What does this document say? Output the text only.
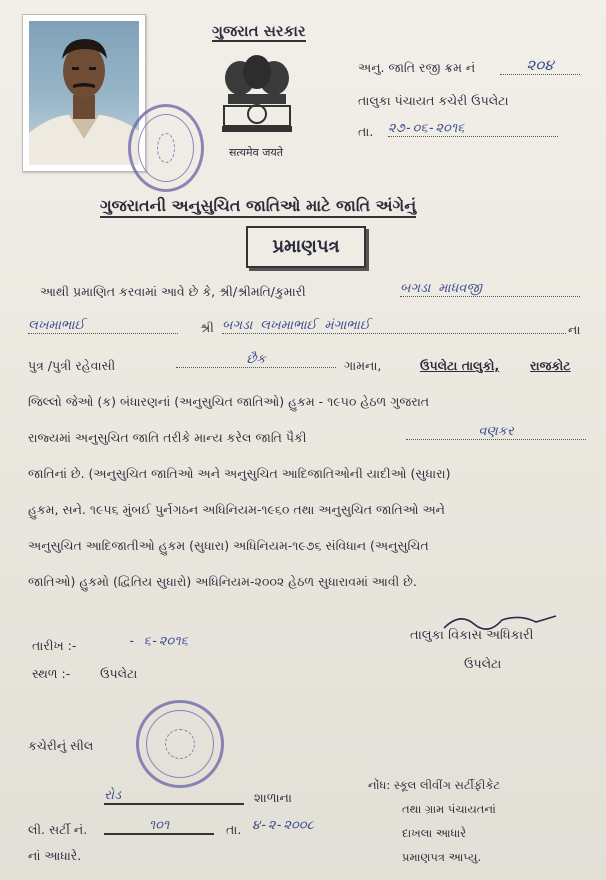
ગુજરાત સરકાર
सत्यमेव जयते
અનુ. જાતિ રજી ક્રમ નં	૨૦૪
તાલુકા પંચાયત કચેરી ઉપલેટા
તા. ૨૭-૦૬-૨૦૧૬
ગુજરાતની અનુસુચિત જાતિઓ માટે જાતિ અંગેનું
પ્રમાણપત્ર
આથી પ્રમાણિત કરવામાં આવે છે કે, શ્રી/શ્રીમતિ/કુમારી	બગડા માધવજી
લખમાભાઈ	શ્રી બગડા લખમાભાઈ મંગાભાઈ	ના
પુત્ર /પુત્રી રહેવાસી	છૈક	ગામના,	ઉપલેટા તાલુકો, રાજકોટ
જિલ્લો જેઓ (ક) બંધારણનાં (અનુસુચિત જાતિઓ) હુકમ - ૧૯૫૦ હેઠળ ગુજરાત
રાજ્યમાં અનુસુચિત જાતિ તરીકે માન્ય કરેલ જાતિ પૈકી	વણકર
જાતિનાં છે. (અનુસુચિત જાતિઓ અને અનુસુચિત આદિજાતિઓની યાદીઓ (સુધારા)
હુકમ, સને. ૧૯૫૬ મુંબઈ પુર્નગઠન અધિનિયમ-૧૯૬૦ તથા અનુસુચિત જાતિઓ અને
અનુસુચિત આદિજાતીઓ હુકમ (સુધારા) અધિનિયમ-૧૯૭૬ સંવિધાન (અનુસુચિત
જાતિઓ) હુકમો (દ્વિતિય સુધારો) અધિનિયમ-૨૦૦૨ હેઠળ સુધારાવમાં આવી છે.
તારીખ :-	- ૬-૨૦૧૬
સ્થળ :- ઉપલેટા
તાલુકા વિકાસ અધિકારી
ઉપલેટા
કચેરીનું સીલ
રોડ	શાળાના
લી. સર્ટી નં.	૧૦૧	તા. ૪-૨-૨૦૦૮
નાં આધારે.
નોંધ: સ્કૂલ લીવીંગ સર્ટીફીકેટ
તથા ગ્રામ પંચાયતનાં
દાખલા આધારે
પ્રમાણપત્ર આપ્યુ.
